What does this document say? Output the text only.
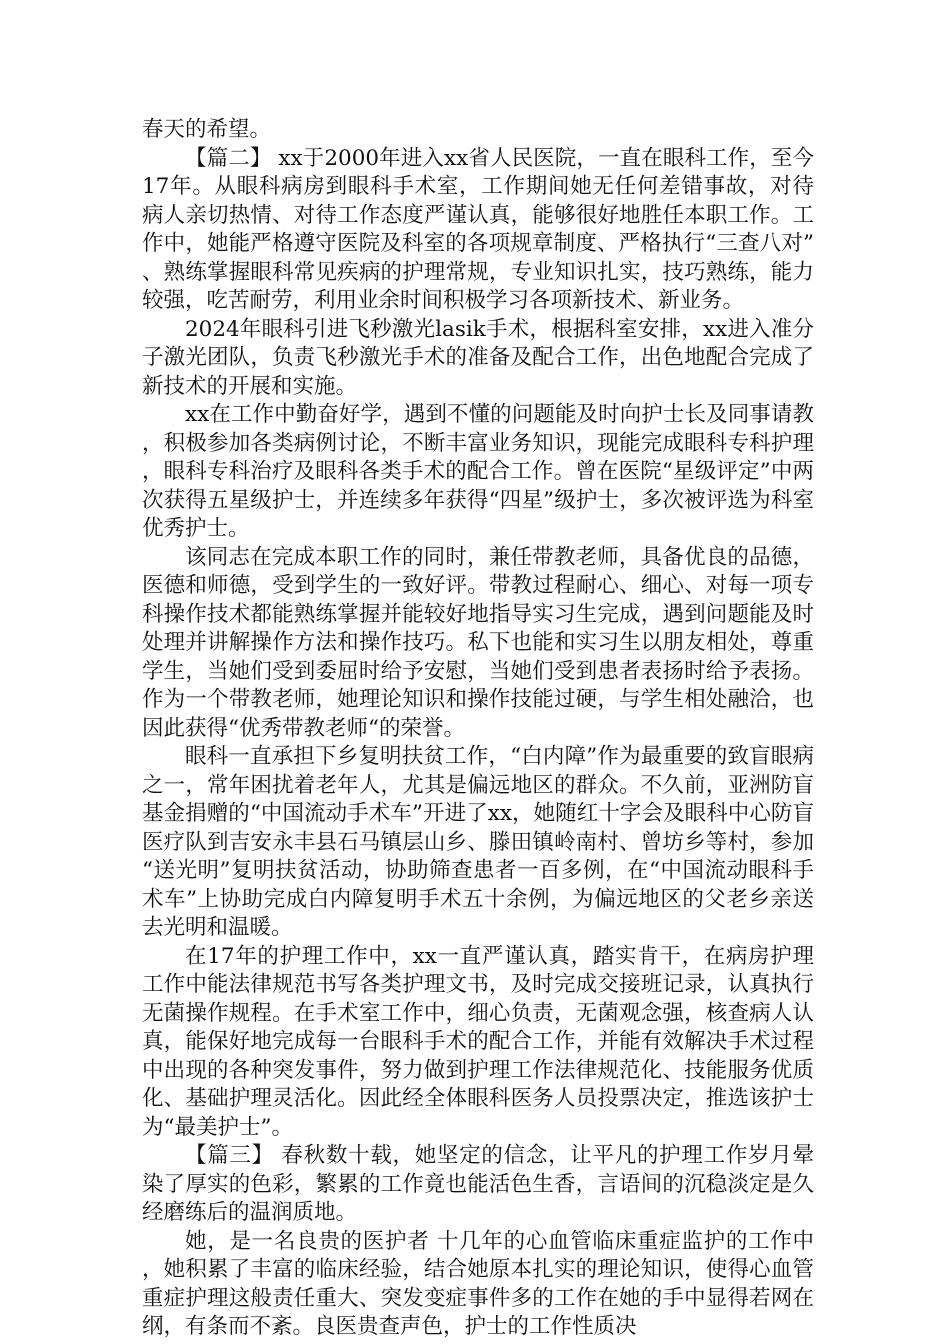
春天的希望。

【篇二】 xx于2000年进入xx省人民医院，一直在眼科工作，至今17年。从眼科病房到眼科手术室，工作期间她无任何差错事故，对待病人亲切热情、对待工作态度严谨认真，能够很好地胜任本职工作。工作中，她能严格遵守医院及科室的各项规章制度、严格执行“三查八对”、熟练掌握眼科常见疾病的护理常规，专业知识扎实，技巧熟练，能力较强，吃苦耐劳，利用业余时间积极学习各项新技术、新业务。

2024年眼科引进飞秒激光lasik手术，根据科室安排，xx进入准分子激光团队，负责飞秒激光手术的准备及配合工作，出色地配合完成了新技术的开展和实施。

xx在工作中勤奋好学，遇到不懂的问题能及时向护士长及同事请教，积极参加各类病例讨论，不断丰富业务知识，现能完成眼科专科护理，眼科专科治疗及眼科各类手术的配合工作。曾在医院“星级评定”中两次获得五星级护士，并连续多年获得“四星”级护士，多次被评选为科室优秀护士。

该同志在完成本职工作的同时，兼任带教老师，具备优良的品德，医德和师德，受到学生的一致好评。带教过程耐心、细心、对每一项专科操作技术都能熟练掌握并能较好地指导实习生完成，遇到问题能及时处理并讲解操作方法和操作技巧。私下也能和实习生以朋友相处，尊重学生，当她们受到委屈时给予安慰，当她们受到患者表扬时给予表扬。作为一个带教老师，她理论知识和操作技能过硬，与学生相处融洽，也因此获得“优秀带教老师“的荣誉。

眼科一直承担下乡复明扶贫工作，“白内障”作为最重要的致盲眼病之一，常年困扰着老年人，尤其是偏远地区的群众。不久前，亚洲防盲基金捐赠的“中国流动手术车”开进了xx，她随红十字会及眼科中心防盲医疗队到吉安永丰县石马镇层山乡、滕田镇岭南村、曾坊乡等村，参加“送光明”复明扶贫活动，协助筛查患者一百多例，在“中国流动眼科手术车”上协助完成白内障复明手术五十余例，为偏远地区的父老乡亲送去光明和温暖。

在17年的护理工作中，xx一直严谨认真，踏实肯干，在病房护理工作中能法律规范书写各类护理文书，及时完成交接班记录，认真执行无菌操作规程。在手术室工作中，细心负责，无菌观念强，核查病人认真，能保好地完成每一台眼科手术的配合工作，并能有效解决手术过程中出现的各种突发事件，努力做到护理工作法律规范化、技能服务优质化、基础护理灵活化。因此经全体眼科医务人员投票决定，推选该护士为“最美护士”。

【篇三】 春秋数十载，她坚定的信念，让平凡的护理工作岁月晕染了厚实的色彩，繁累的工作竟也能活色生香，言语间的沉稳淡定是久经磨练后的温润质地。

她，是一名良贵的医护者 十几年的心血管临床重症监护的工作中，她积累了丰富的临床经验，结合她原本扎实的理论知识，使得心血管重症护理这般责任重大、突发变症事件多的工作在她的手中显得若网在纲，有条而不紊。良医贵查声色，护士的工作性质决
